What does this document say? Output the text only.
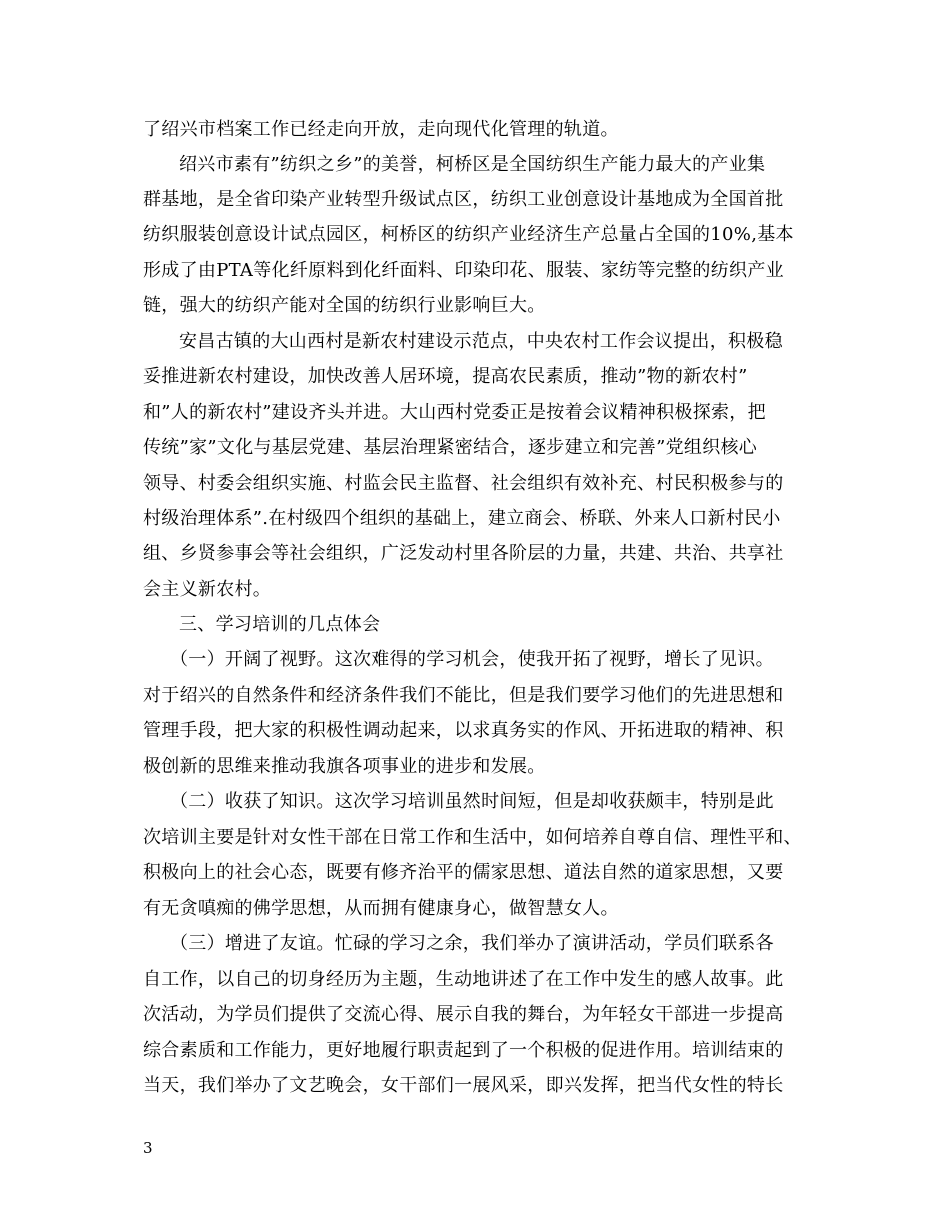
了绍兴市档案工作已经走向开放，走向现代化管理的轨道。
绍兴市素有”纺织之乡”的美誉，柯桥区是全国纺织生产能力最大的产业集
群基地，是全省印染产业转型升级试点区，纺织工业创意设计基地成为全国首批
纺织服装创意设计试点园区，柯桥区的纺织产业经济生产总量占全国的10%,基本
形成了由PTA等化纤原料到化纤面料、印染印花、服装、家纺等完整的纺织产业
链，强大的纺织产能对全国的纺织行业影响巨大。
安昌古镇的大山西村是新农村建设示范点，中央农村工作会议提出，积极稳
妥推进新农村建设，加快改善人居环境，提高农民素质，推动”物的新农村”
和”人的新农村”建设齐头并进。大山西村党委正是按着会议精神积极探索，把
传统”家”文化与基层党建、基层治理紧密结合，逐步建立和完善”党组织核心
领导、村委会组织实施、村监会民主监督、社会组织有效补充、村民积极参与的
村级治理体系”.在村级四个组织的基础上，建立商会、桥联、外来人口新村民小
组、乡贤参事会等社会组织，广泛发动村里各阶层的力量，共建、共治、共享社
会主义新农村。
三、学习培训的几点体会
（一）开阔了视野。这次难得的学习机会，使我开拓了视野，增长了见识。
对于绍兴的自然条件和经济条件我们不能比，但是我们要学习他们的先进思想和
管理手段，把大家的积极性调动起来，以求真务实的作风、开拓进取的精神、积
极创新的思维来推动我旗各项事业的进步和发展。
（二）收获了知识。这次学习培训虽然时间短，但是却收获颇丰，特别是此
次培训主要是针对女性干部在日常工作和生活中，如何培养自尊自信、理性平和、
积极向上的社会心态，既要有修齐治平的儒家思想、道法自然的道家思想，又要
有无贪嗔痴的佛学思想，从而拥有健康身心，做智慧女人。
（三）增进了友谊。忙碌的学习之余，我们举办了演讲活动，学员们联系各
自工作，以自己的切身经历为主题，生动地讲述了在工作中发生的感人故事。此
次活动，为学员们提供了交流心得、展示自我的舞台，为年轻女干部进一步提高
综合素质和工作能力，更好地履行职责起到了一个积极的促进作用。培训结束的
当天，我们举办了文艺晚会，女干部们一展风采，即兴发挥，把当代女性的特长
3
